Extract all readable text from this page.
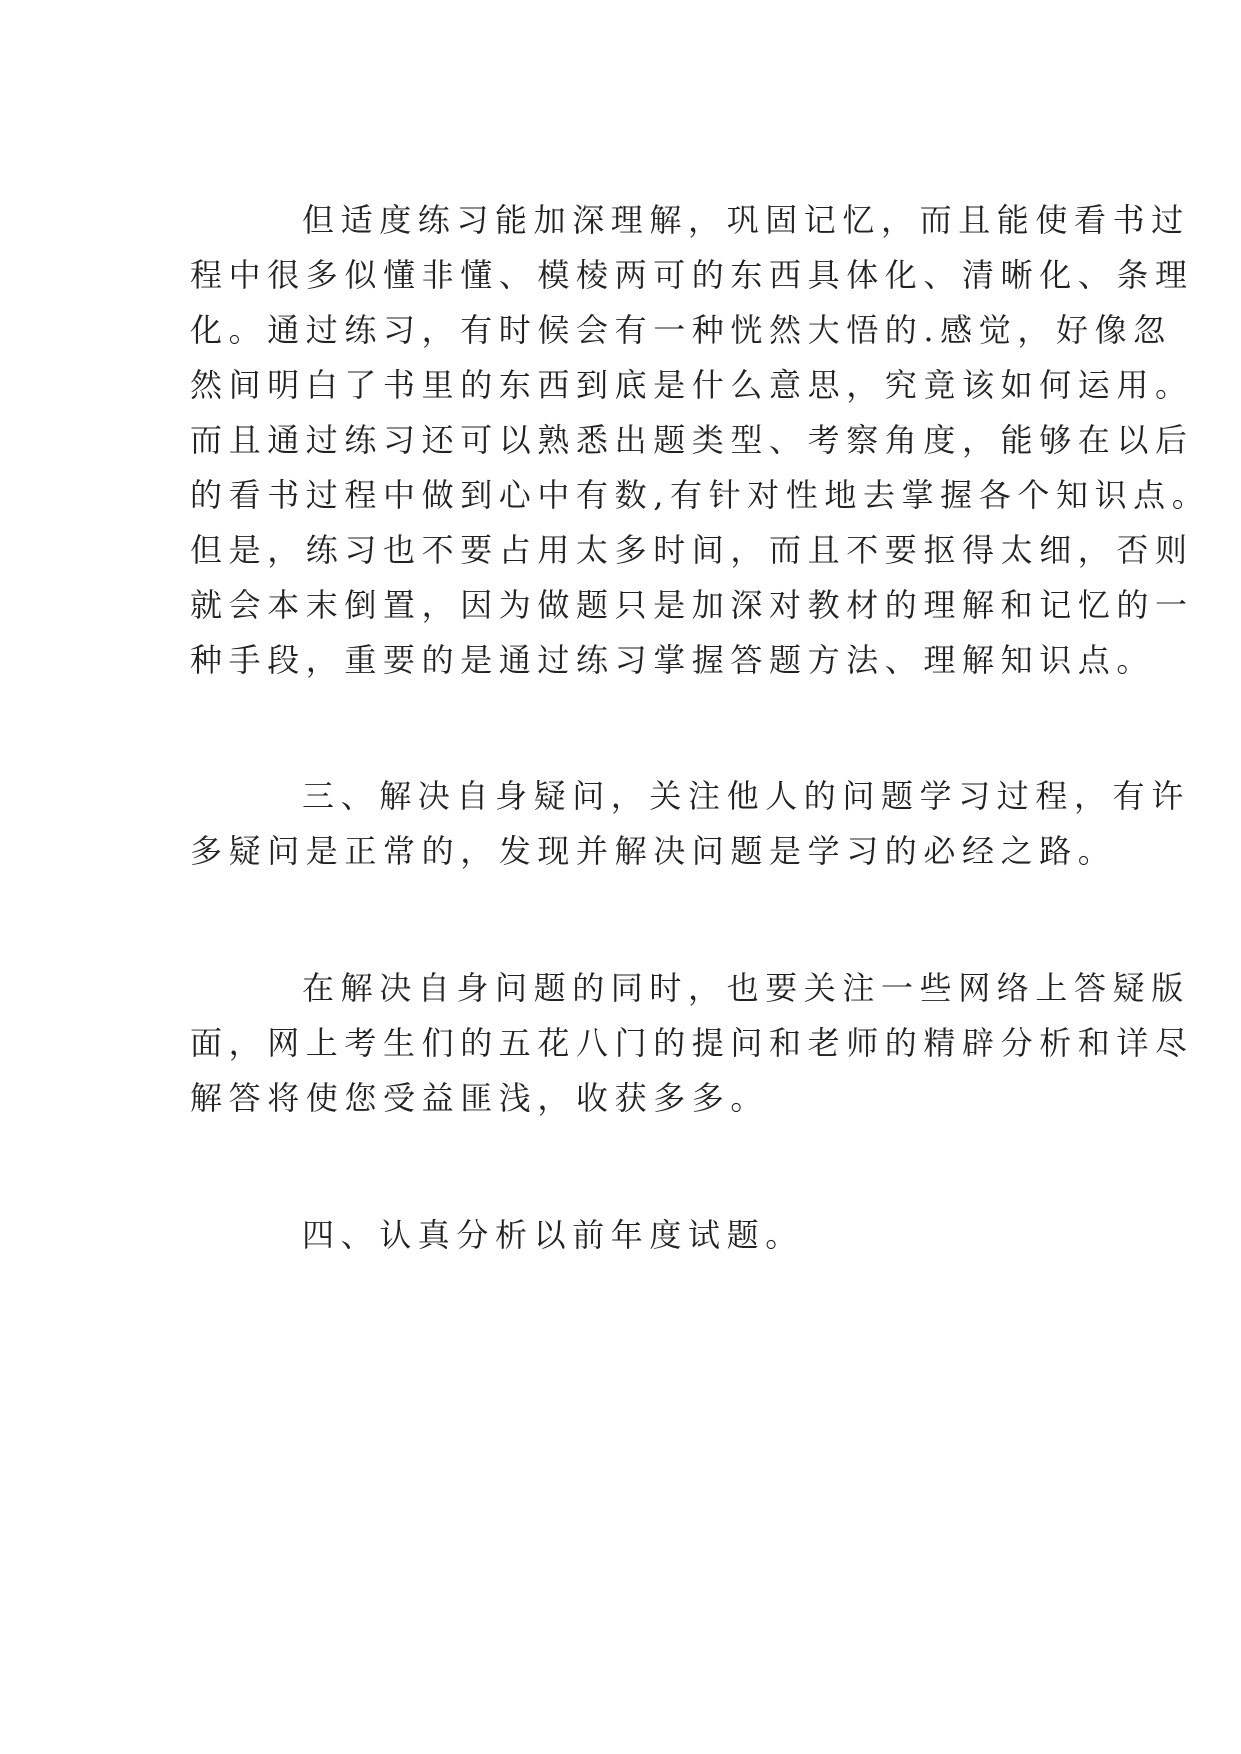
但适度练习能加深理解，巩固记忆，而且能使看书过
程中很多似懂非懂、模棱两可的东西具体化、清晰化、条理
化。通过练习，有时候会有一种恍然大悟的.感觉，好像忽
然间明白了书里的东西到底是什么意思，究竟该如何运用。
而且通过练习还可以熟悉出题类型、考察角度，能够在以后
的看书过程中做到心中有数,有针对性地去掌握各个知识点。
但是，练习也不要占用太多时间，而且不要抠得太细，否则
就会本末倒置，因为做题只是加深对教材的理解和记忆的一
种手段，重要的是通过练习掌握答题方法、理解知识点。
三、解决自身疑问，关注他人的问题学习过程，有许
多疑问是正常的，发现并解决问题是学习的必经之路。
在解决自身问题的同时，也要关注一些网络上答疑版
面，网上考生们的五花八门的提问和老师的精辟分析和详尽
解答将使您受益匪浅，收获多多。
四、认真分析以前年度试题。
